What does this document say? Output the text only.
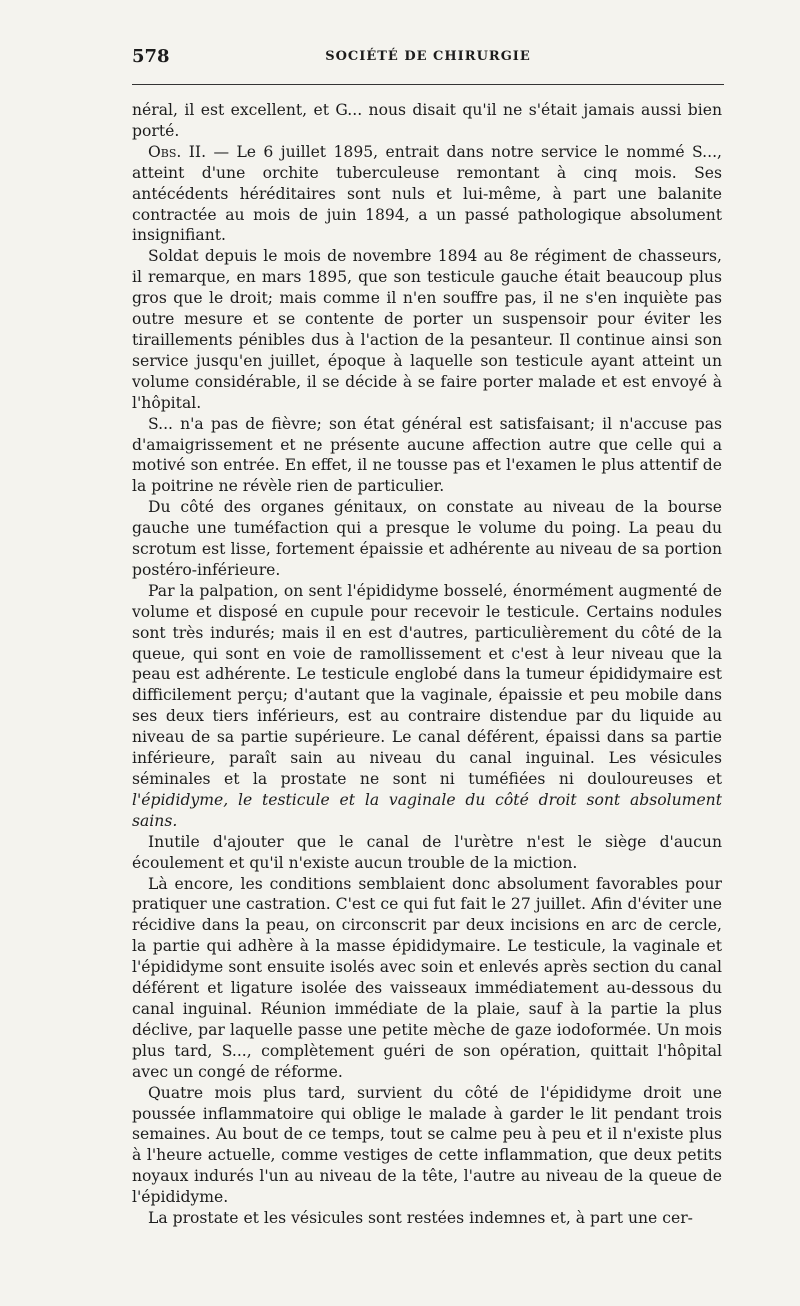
578	SOCIÉTÉ DE CHIRURGIE

néral, il est excellent, et G... nous disait qu'il ne s'était jamais aussi bien porté.

Obs. II. — Le 6 juillet 1895, entrait dans notre service le nommé S..., atteint d'une orchite tuberculeuse remontant à cinq mois. Ses antécédents héréditaires sont nuls et lui-même, à part une balanite contractée au mois de juin 1894, a un passé pathologique absolument insignifiant.

Soldat depuis le mois de novembre 1894 au 8e régiment de chasseurs, il remarque, en mars 1895, que son testicule gauche était beaucoup plus gros que le droit; mais comme il n'en souffre pas, il ne s'en inquiète pas outre mesure et se contente de porter un suspensoir pour éviter les tiraillements pénibles dus à l'action de la pesanteur. Il continue ainsi son service jusqu'en juillet, époque à laquelle son testicule ayant atteint un volume considérable, il se décide à se faire porter malade et est envoyé à l'hôpital.

S... n'a pas de fièvre; son état général est satisfaisant; il n'accuse pas d'amaigrissement et ne présente aucune affection autre que celle qui a motivé son entrée. En effet, il ne tousse pas et l'examen le plus attentif de la poitrine ne révèle rien de particulier.

Du côté des organes génitaux, on constate au niveau de la bourse gauche une tuméfaction qui a presque le volume du poing. La peau du scrotum est lisse, fortement épaissie et adhérente au niveau de sa portion postéro-inférieure.

Par la palpation, on sent l'épididyme bosselé, énormément augmenté de volume et disposé en cupule pour recevoir le testicule. Certains nodules sont très indurés; mais il en est d'autres, particulièrement du côté de la queue, qui sont en voie de ramollissement et c'est à leur niveau que la peau est adhérente. Le testicule englobé dans la tumeur épididymaire est difficilement perçu; d'autant que la vaginale, épaissie et peu mobile dans ses deux tiers inférieurs, est au contraire distendue par du liquide au niveau de sa partie supérieure. Le canal déférent, épaissi dans sa partie inférieure, paraît sain au niveau du canal inguinal. Les vésicules séminales et la prostate ne sont ni tuméfiées ni douloureuses et l'épididyme, le testicule et la vaginale du côté droit sont absolument sains.

Inutile d'ajouter que le canal de l'urètre n'est le siège d'aucun écoulement et qu'il n'existe aucun trouble de la miction.

Là encore, les conditions semblaient donc absolument favorables pour pratiquer une castration. C'est ce qui fut fait le 27 juillet. Afin d'éviter une récidive dans la peau, on circonscrit par deux incisions en arc de cercle, la partie qui adhère à la masse épididymaire. Le testicule, la vaginale et l'épididyme sont ensuite isolés avec soin et enlevés après section du canal déférent et ligature isolée des vaisseaux immédiatement au-dessous du canal inguinal. Réunion immédiate de la plaie, sauf à la partie la plus déclive, par laquelle passe une petite mèche de gaze iodoformée. Un mois plus tard, S..., complètement guéri de son opération, quittait l'hôpital avec un congé de réforme.

Quatre mois plus tard, survient du côté de l'épididyme droit une poussée inflammatoire qui oblige le malade à garder le lit pendant trois semaines. Au bout de ce temps, tout se calme peu à peu et il n'existe plus à l'heure actuelle, comme vestiges de cette inflammation, que deux petits noyaux indurés l'un au niveau de la tête, l'autre au niveau de la queue de l'épididyme.

La prostate et les vésicules sont restées indemnes et, à part une cer-
